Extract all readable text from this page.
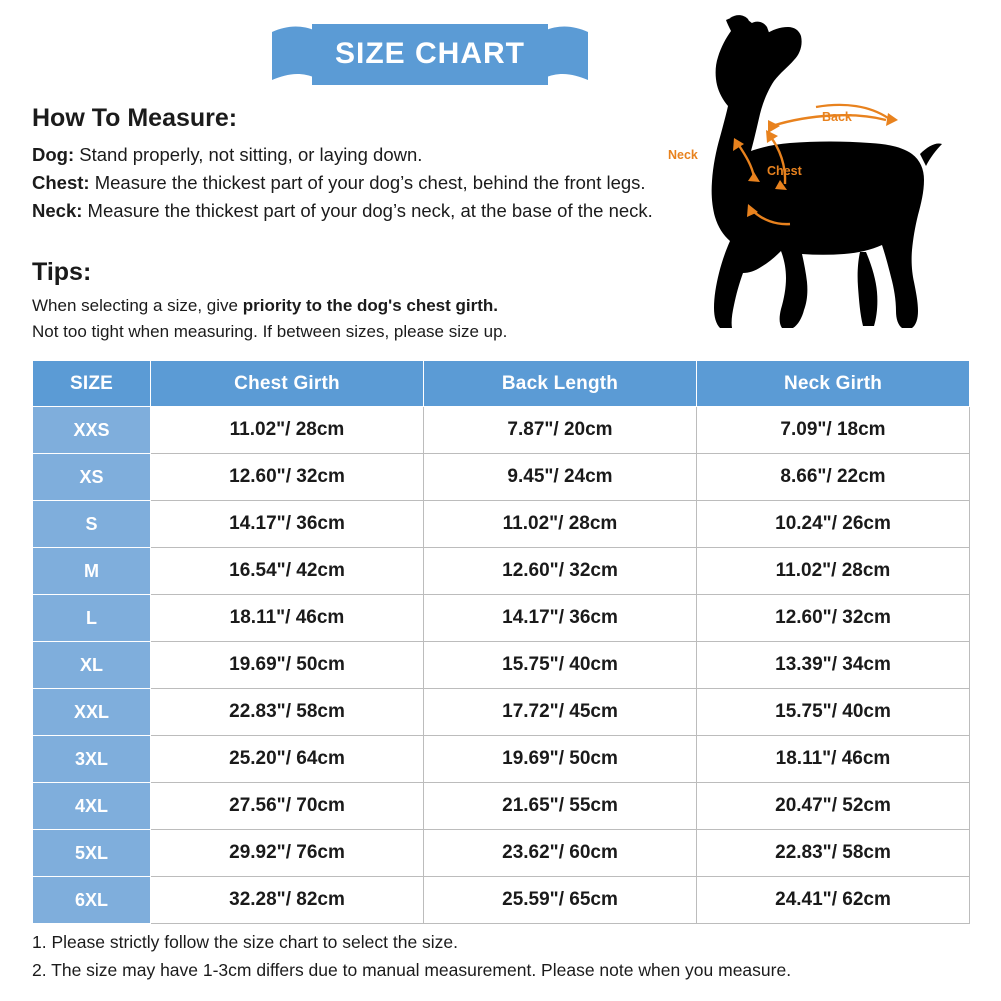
SIZE CHART
How To Measure:
Dog: Stand properly, not sitting, or laying down.
Chest: Measure the thickest part of your dog’s chest, behind the front legs.
Neck: Measure the thickest part of your dog’s neck, at the base of the neck.
Tips:
When selecting a size, give priority to the dog's chest girth.
Not too tight when measuring. If between sizes, please size up.
Back
Neck
Chest
SIZE	Chest Girth	Back Length	Neck Girth
XXS	11.02"/ 28cm	7.87"/ 20cm	7.09"/ 18cm
XS	12.60"/ 32cm	9.45"/ 24cm	8.66"/ 22cm
S	14.17"/ 36cm	11.02"/ 28cm	10.24"/ 26cm
M	16.54"/ 42cm	12.60"/ 32cm	11.02"/ 28cm
L	18.11"/ 46cm	14.17"/ 36cm	12.60"/ 32cm
XL	19.69"/ 50cm	15.75"/ 40cm	13.39"/ 34cm
XXL	22.83"/ 58cm	17.72"/ 45cm	15.75"/ 40cm
3XL	25.20"/ 64cm	19.69"/ 50cm	18.11"/ 46cm
4XL	27.56"/ 70cm	21.65"/ 55cm	20.47"/ 52cm
5XL	29.92"/ 76cm	23.62"/ 60cm	22.83"/ 58cm
6XL	32.28"/ 82cm	25.59"/ 65cm	24.41"/ 62cm
1. Please strictly follow the size chart to select the size.
2. The size may have 1-3cm differs due to manual measurement. Please note when you measure.
